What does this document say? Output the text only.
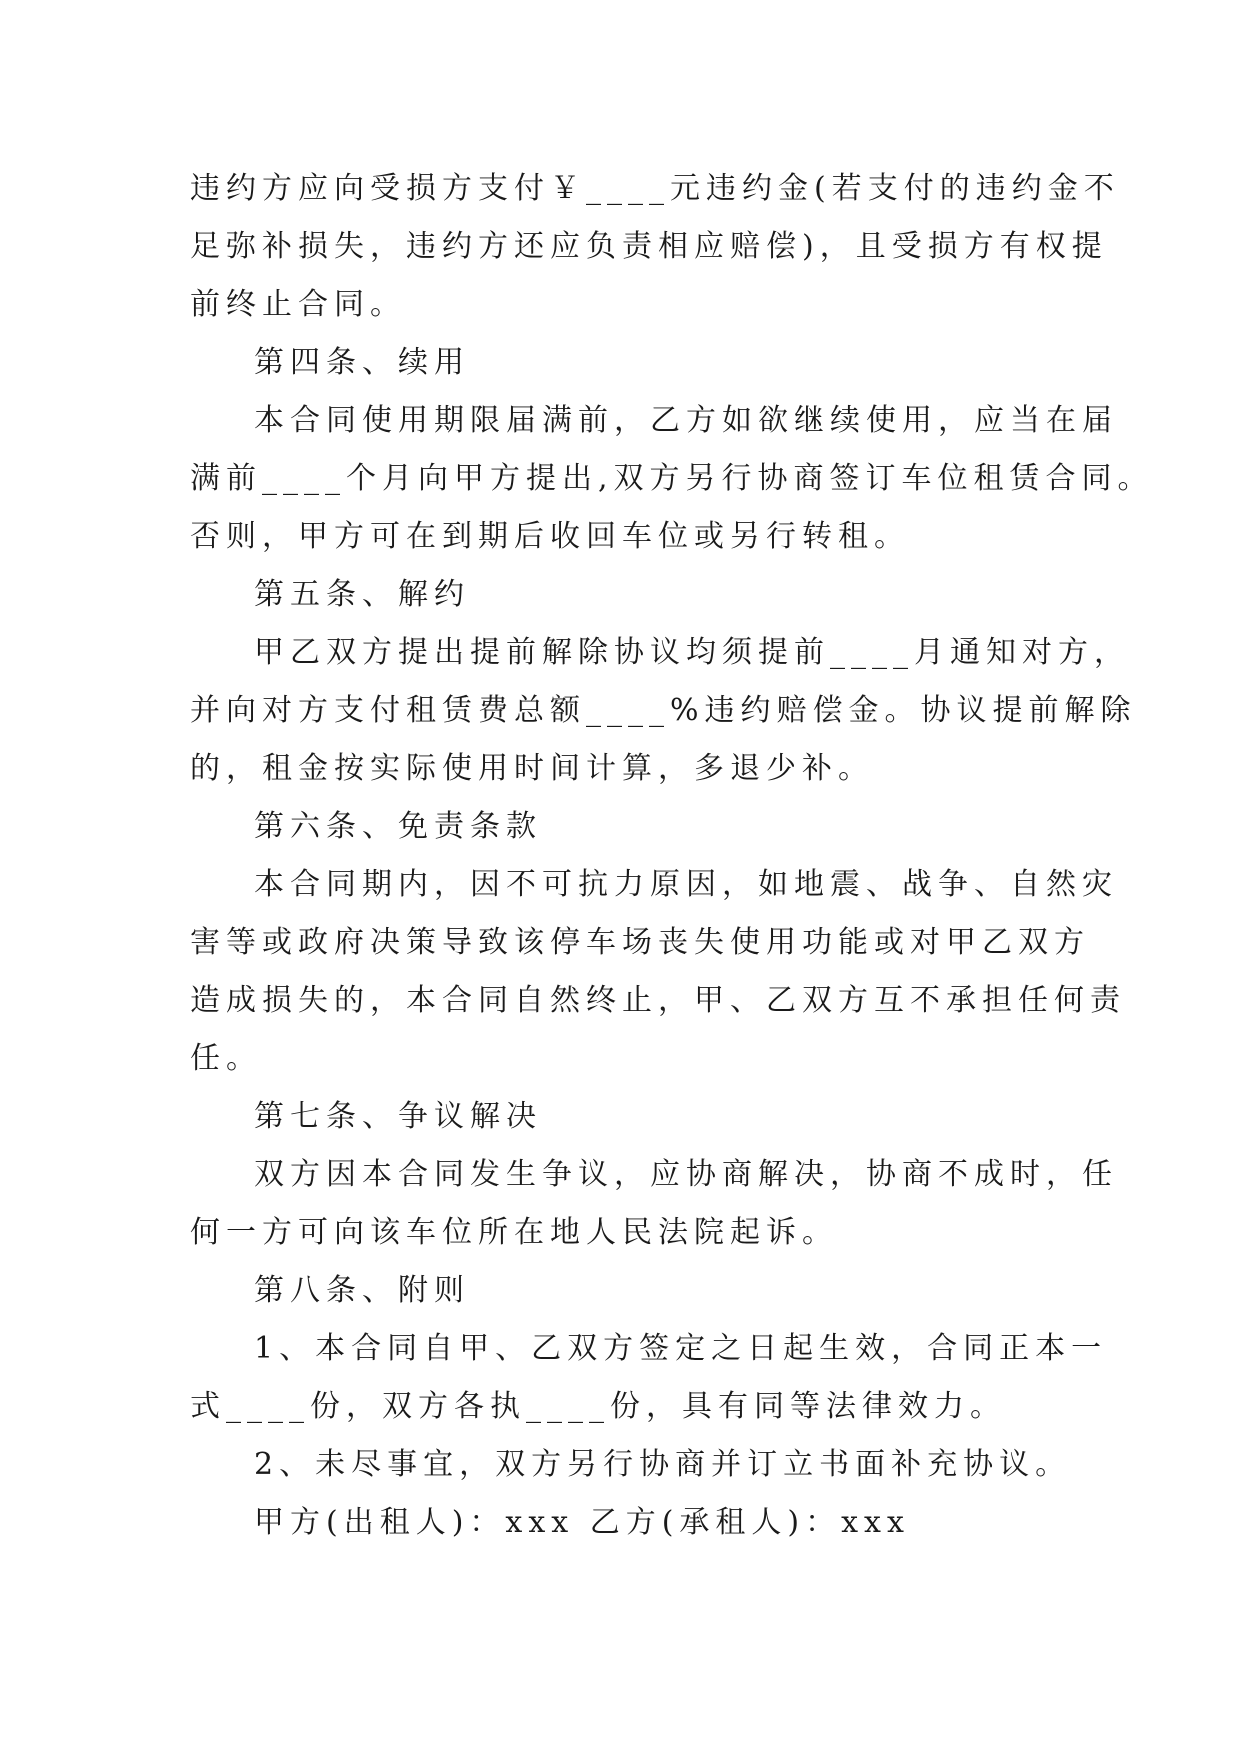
违约方应向受损方支付￥____元违约金(若支付的违约金不

足弥补损失，违约方还应负责相应赔偿)，且受损方有权提

前终止合同。

第四条、续用

本合同使用期限届满前，乙方如欲继续使用，应当在届

满前____个月向甲方提出,双方另行协商签订车位租赁合同。

否则，甲方可在到期后收回车位或另行转租。

第五条、解约

甲乙双方提出提前解除协议均须提前____月通知对方，

并向对方支付租赁费总额____%违约赔偿金。协议提前解除

的，租金按实际使用时间计算，多退少补。

第六条、免责条款

本合同期内，因不可抗力原因，如地震、战争、自然灾

害等或政府决策导致该停车场丧失使用功能或对甲乙双方

造成损失的，本合同自然终止，甲、乙双方互不承担任何责

任。

第七条、争议解决

双方因本合同发生争议，应协商解决，协商不成时，任

何一方可向该车位所在地人民法院起诉。

第八条、附则

1、本合同自甲、乙双方签定之日起生效，合同正本一

式____份，双方各执____份，具有同等法律效力。

2、未尽事宜，双方另行协商并订立书面补充协议。

甲方(出租人)：xxx 乙方(承租人)：xxx
